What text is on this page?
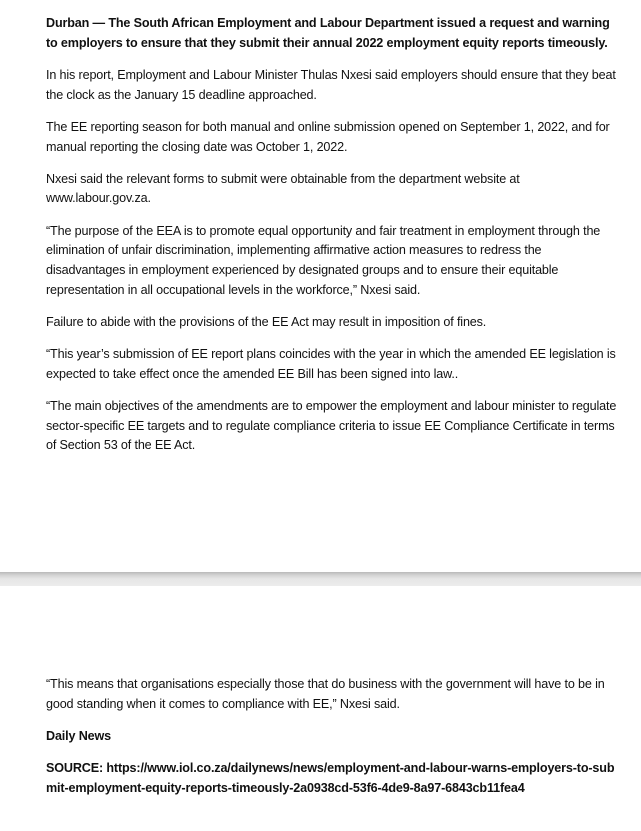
Durban — The South African Employment and Labour Department issued a request and warning to employers to ensure that they submit their annual 2022 employment equity reports timeously.

In his report, Employment and Labour Minister Thulas Nxesi said employers should ensure that they beat the clock as the January 15 deadline approached.

The EE reporting season for both manual and online submission opened on September 1, 2022, and for manual reporting the closing date was October 1, 2022.

Nxesi said the relevant forms to submit were obtainable from the department website at www.labour.gov.za.

“The purpose of the EEA is to promote equal opportunity and fair treatment in employment through the elimination of unfair discrimination, implementing affirmative action measures to redress the disadvantages in employment experienced by designated groups and to ensure their equitable representation in all occupational levels in the workforce,” Nxesi said.

Failure to abide with the provisions of the EE Act may result in imposition of fines.

“This year’s submission of EE report plans coincides with the year in which the amended EE legislation is expected to take effect once the amended EE Bill has been signed into law..

“The main objectives of the amendments are to empower the employment and labour minister to regulate sector-specific EE targets and to regulate compliance criteria to issue EE Compliance Certificate in terms of Section 53 of the EE Act.

“This means that organisations especially those that do business with the government will have to be in good standing when it comes to compliance with EE,” Nxesi said.

Daily News

SOURCE: https://www.iol.co.za/dailynews/news/employment-and-labour-warns-employers-to-submit-employment-equity-reports-timeously-2a0938cd-53f6-4de9-8a97-6843cb11fea4
